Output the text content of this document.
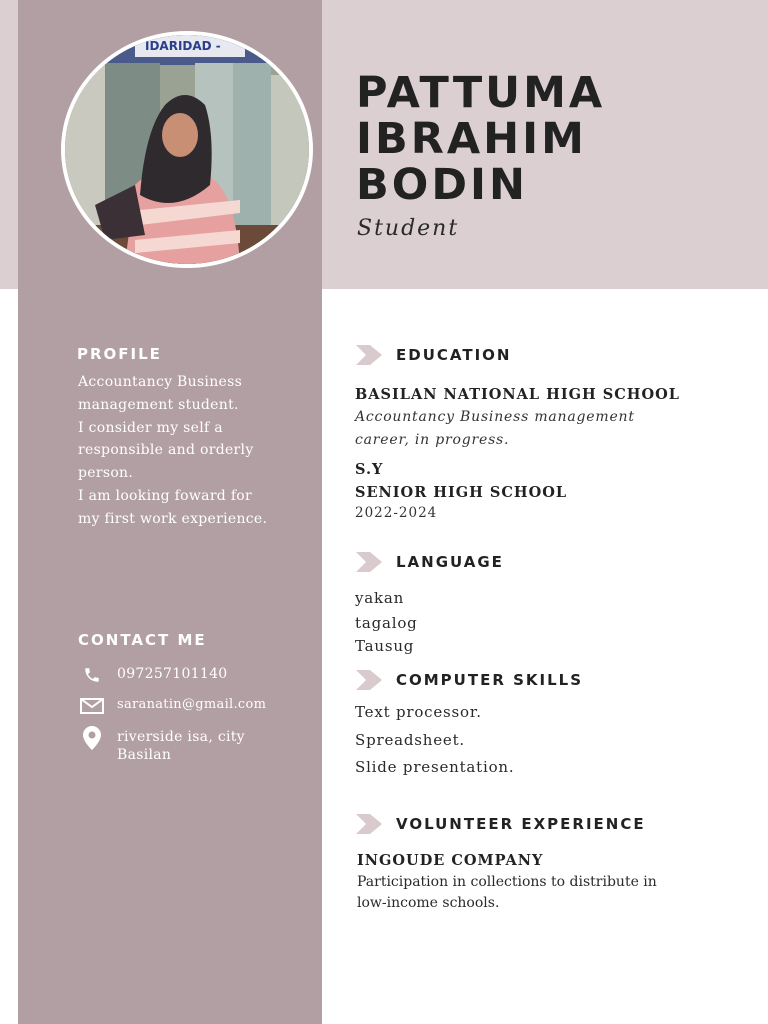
IDARIDAD -
PATTUMA
IBRAHIM
BODIN
Student
PROFILE

Accountancy Business management student.

I consider my self a responsible and orderly person.

I am looking foward for my first work experience.

CONTACT ME
097257101140
saranatin@gmail.com
riverside isa, city Basilan
EDUCATION
BASILAN NATIONAL HIGH SCHOOL
Accountancy Business management career, in progress.
S.Y
SENIOR HIGH SCHOOL
2022-2024
LANGUAGE
yakan
tagalog
Tausug
COMPUTER SKILLS
Text processor.
Spreadsheet.
Slide presentation.
VOLUNTEER EXPERIENCE
INGOUDE COMPANY

Participation in collections to distribute in low-income schools.
